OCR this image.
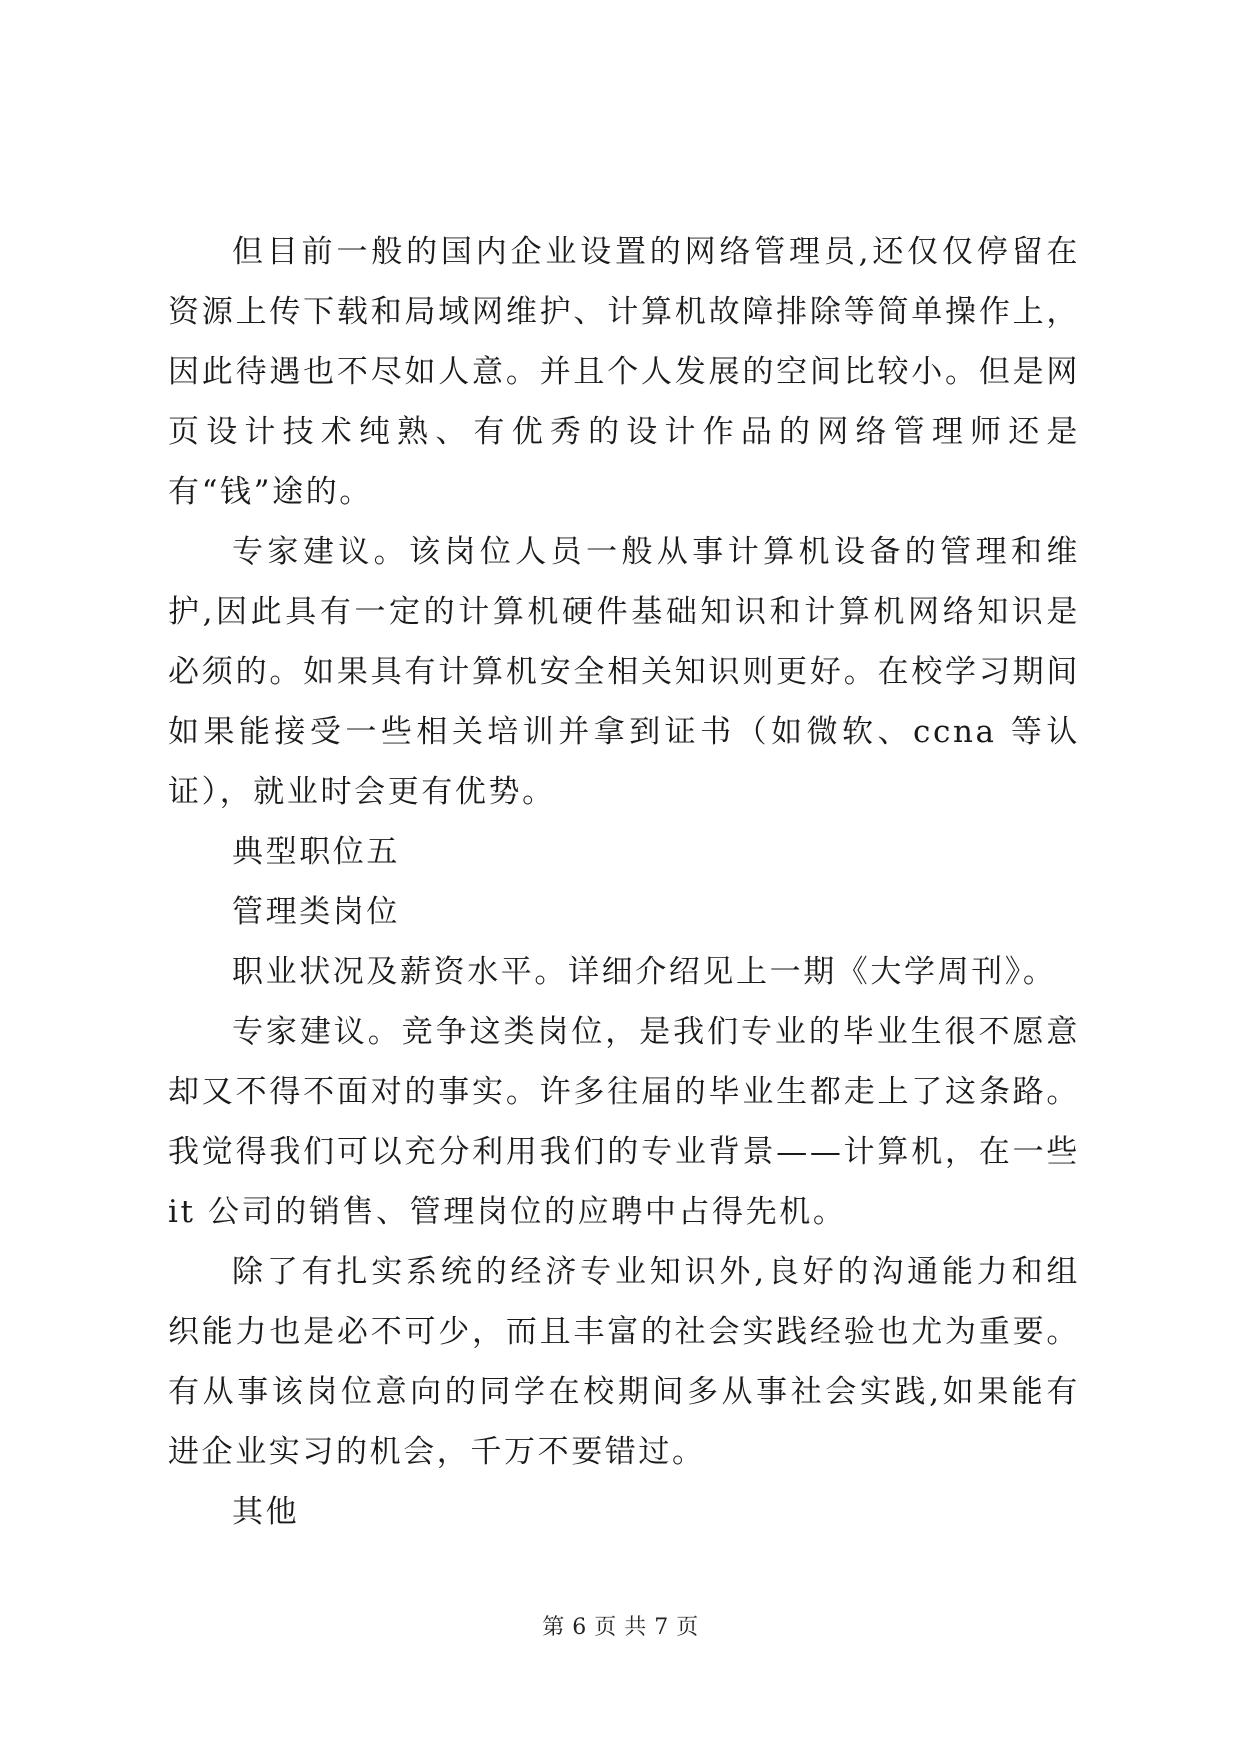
但目前一般的国内企业设置的网络管理员,还仅仅停留在资源上传下载和局域网维护、计算机故障排除等简单操作上，因此待遇也不尽如人意。并且个人发展的空间比较小。但是网页设计技术纯熟、有优秀的设计作品的网络管理师还是有“钱”途的。

专家建议。该岗位人员一般从事计算机设备的管理和维护,因此具有一定的计算机硬件基础知识和计算机网络知识是必须的。如果具有计算机安全相关知识则更好。在校学习期间如果能接受一些相关培训并拿到证书（如微软、ccna 等认证），就业时会更有优势。

典型职位五

管理类岗位

职业状况及薪资水平。详细介绍见上一期《大学周刊》。

专家建议。竞争这类岗位，是我们专业的毕业生很不愿意却又不得不面对的事实。许多往届的毕业生都走上了这条路。我觉得我们可以充分利用我们的专业背景——计算机，在一些 it 公司的销售、管理岗位的应聘中占得先机。

除了有扎实系统的经济专业知识外,良好的沟通能力和组织能力也是必不可少，而且丰富的社会实践经验也尤为重要。有从事该岗位意向的同学在校期间多从事社会实践,如果能有进企业实习的机会，千万不要错过。

其他

第 6 页 共 7 页
